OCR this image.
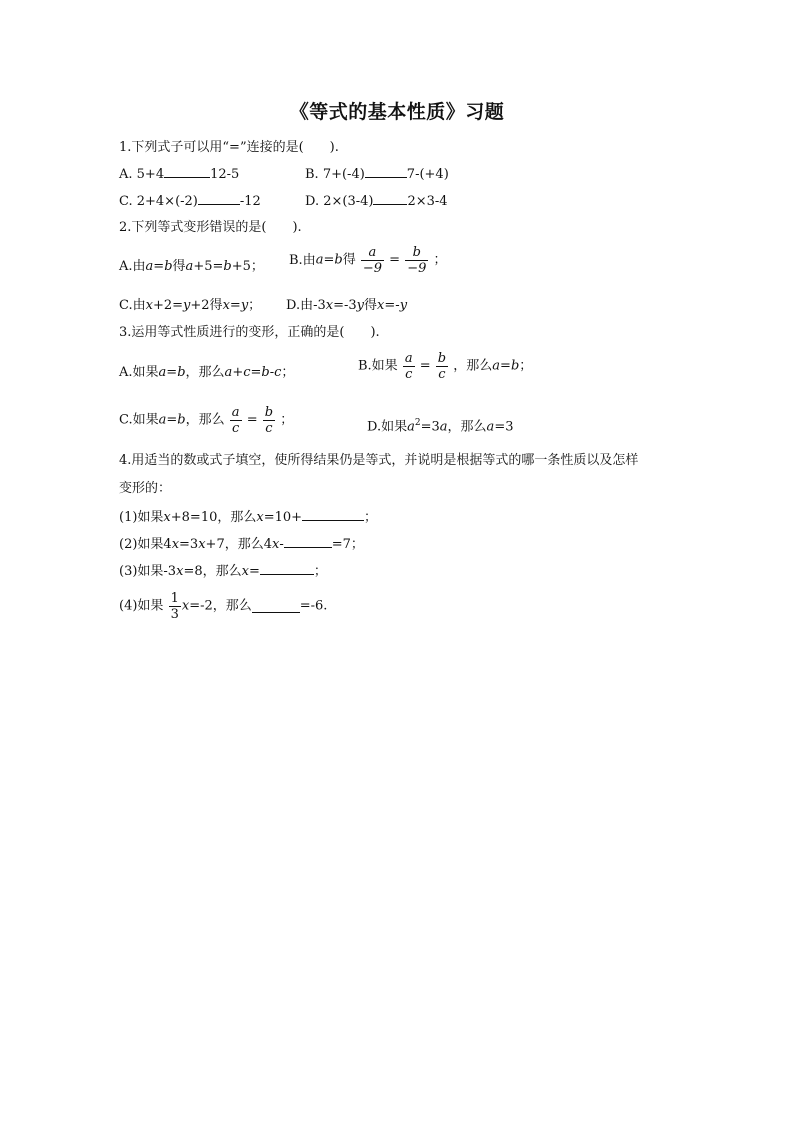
《等式的基本性质》习题
1.下列式子可以用“=”连接的是(　　).
A. 5+4	12-5	B. 7+(-4)	7-(+4)
C. 2+4×(-2)	-12	D. 2×(3-4)	2×3-4
2.下列等式变形错误的是(　　).
A.由a=b得a+5=b+5； B.由a=b得 $\frac{a}{-9} = \frac{b}{-9}$ ；
C.由x+2=y+2得x=y； D.由-3x=-3y得x=-y
3.运用等式性质进行的变形，正确的是(　　).
A.如果a=b，那么a+c=b-c；	B.如果 $\frac{a}{c} = \frac{b}{c}$ ，那么a=b；
C.如果a=b，那么 $\frac{a}{c} = \frac{b}{c}$ ；	D.如果$a^2=3a$，那么a=3
4.用适当的数或式子填空，使所得结果仍是等式，并说明是根据等式的哪一条性质以及怎样
变形的：
(1)如果x+8=10，那么x=10+	；
(2)如果4x=3x+7，那么4x-	=7；
(3)如果-3x=8，那么x=	；
(4)如果 $\frac{1}{3} x=-2$，那么	=-6.
